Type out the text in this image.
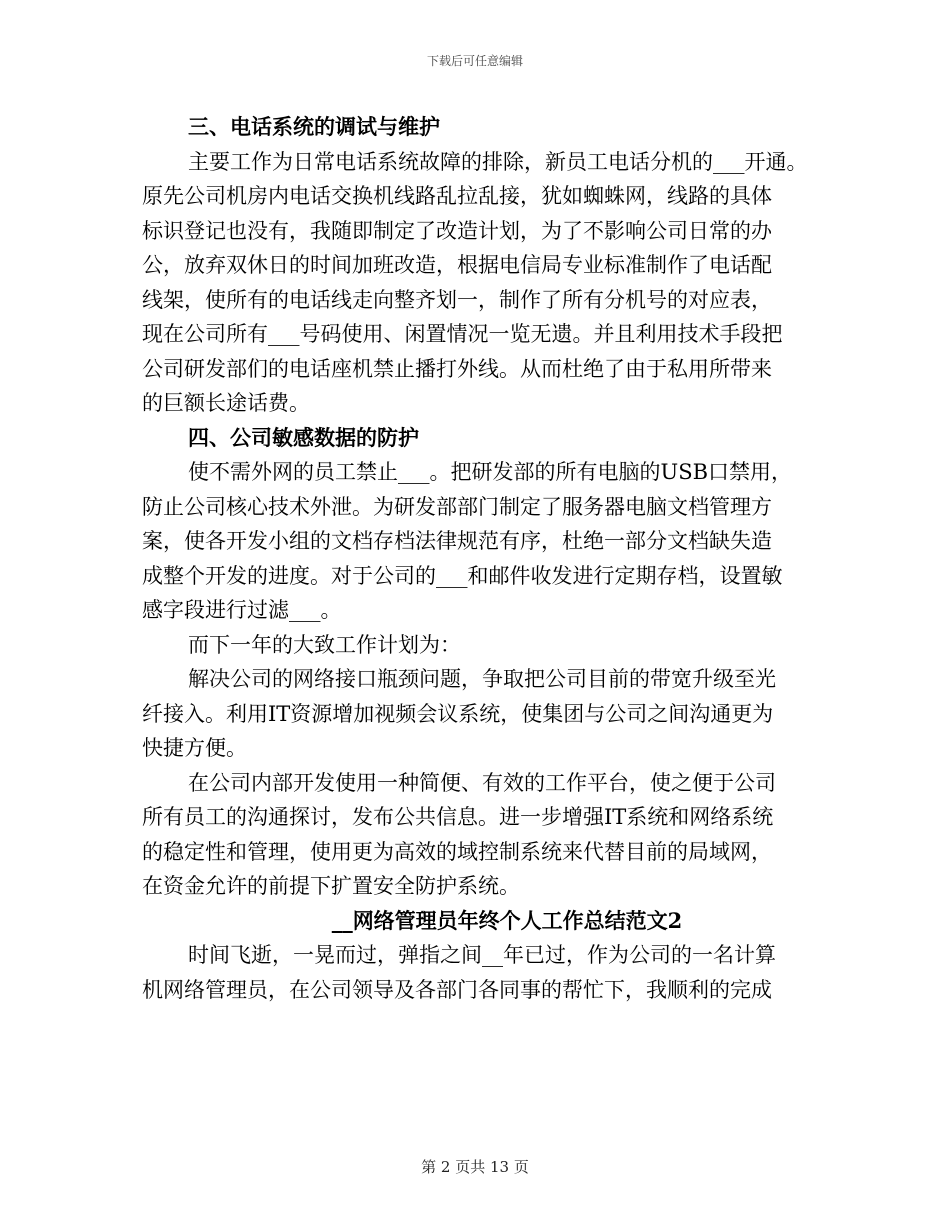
下载后可任意编辑
三、电话系统的调试与维护
主要工作为日常电话系统故障的排除，新员工电话分机的___开通。
原先公司机房内电话交换机线路乱拉乱接，犹如蜘蛛网，线路的具体
标识登记也没有，我随即制定了改造计划，为了不影响公司日常的办
公，放弃双休日的时间加班改造，根据电信局专业标准制作了电话配
线架，使所有的电话线走向整齐划一，制作了所有分机号的对应表，
现在公司所有___号码使用、闲置情况一览无遗。并且利用技术手段把
公司研发部们的电话座机禁止播打外线。从而杜绝了由于私用所带来
的巨额长途话费。
四、公司敏感数据的防护
使不需外网的员工禁止___。把研发部的所有电脑的USB口禁用，
防止公司核心技术外泄。为研发部部门制定了服务器电脑文档管理方
案，使各开发小组的文档存档法律规范有序，杜绝一部分文档缺失造
成整个开发的进度。对于公司的___和邮件收发进行定期存档，设置敏
感字段进行过滤___。
而下一年的大致工作计划为：
解决公司的网络接口瓶颈问题，争取把公司目前的带宽升级至光
纤接入。利用IT资源增加视频会议系统，使集团与公司之间沟通更为
快捷方便。
在公司内部开发使用一种简便、有效的工作平台，使之便于公司
所有员工的沟通探讨，发布公共信息。进一步增强IT系统和网络系统
的稳定性和管理，使用更为高效的域控制系统来代替目前的局域网，
在资金允许的前提下扩置安全防护系统。
__网络管理员年终个人工作总结范文2
时间飞逝，一晃而过，弹指之间__年已过，作为公司的一名计算
机网络管理员，在公司领导及各部门各同事的帮忙下，我顺利的完成
第 2 页共 13 页
